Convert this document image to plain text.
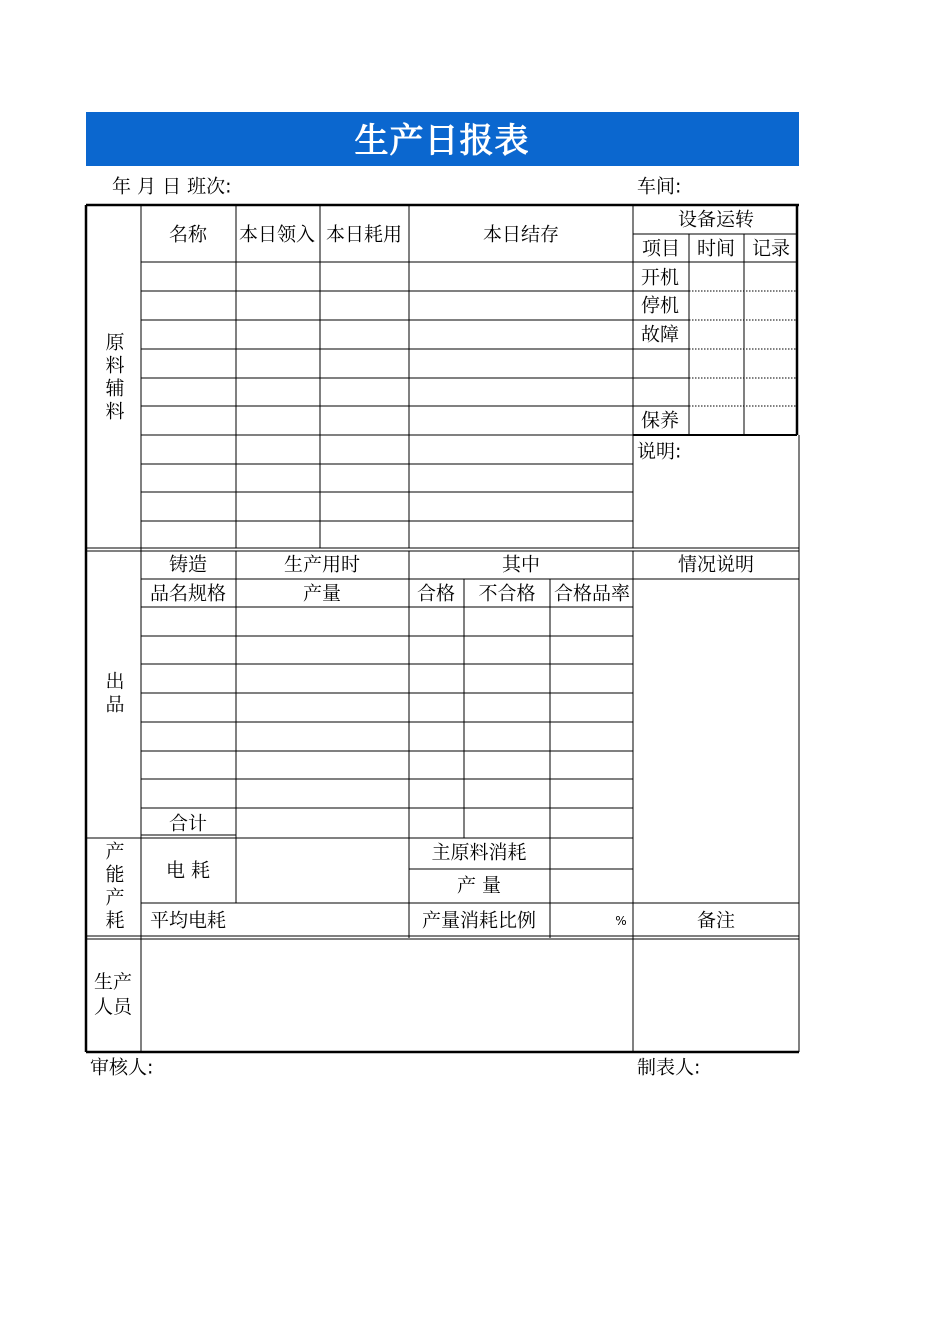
生产日报表
年 月 日 班次:	车间:
原料辅料
名称 本日领入 本日耗用	本日结存
设备运转
项目 时间 记录
开机
停机
故障
保养
说明:
出品
铸造	生产用时	其中	情况说明
品名规格	产量	合格 不合格 合格品率
合计
产能产耗 电 耗
主原料消耗
产 量
平均电耗	产量消耗比例	%	备注
生产人员
审核人:	制表人:
